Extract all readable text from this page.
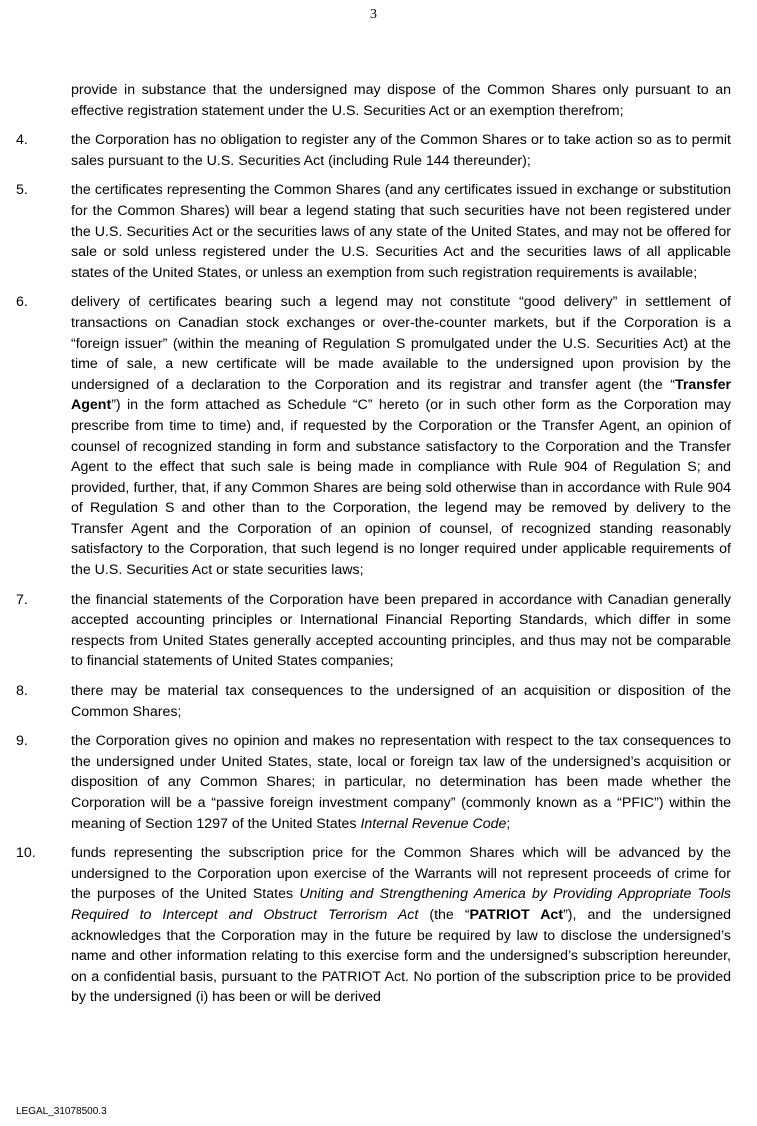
3
provide in substance that the undersigned may dispose of the Common Shares only pursuant to an effective registration statement under the U.S. Securities Act or an exemption therefrom;
4.	the Corporation has no obligation to register any of the Common Shares or to take action so as to permit sales pursuant to the U.S. Securities Act (including Rule 144 thereunder);
5.	the certificates representing the Common Shares (and any certificates issued in exchange or substitution for the Common Shares) will bear a legend stating that such securities have not been registered under the U.S. Securities Act or the securities laws of any state of the United States, and may not be offered for sale or sold unless registered under the U.S. Securities Act and the securities laws of all applicable states of the United States, or unless an exemption from such registration requirements is available;
6.	delivery of certificates bearing such a legend may not constitute “good delivery” in settlement of transactions on Canadian stock exchanges or over-the-counter markets, but if the Corporation is a “foreign issuer” (within the meaning of Regulation S promulgated under the U.S. Securities Act) at the time of sale, a new certificate will be made available to the undersigned upon provision by the undersigned of a declaration to the Corporation and its registrar and transfer agent (the “Transfer Agent”) in the form attached as Schedule “C” hereto (or in such other form as the Corporation may prescribe from time to time) and, if requested by the Corporation or the Transfer Agent, an opinion of counsel of recognized standing in form and substance satisfactory to the Corporation and the Transfer Agent to the effect that such sale is being made in compliance with Rule 904 of Regulation S; and provided, further, that, if any Common Shares are being sold otherwise than in accordance with Rule 904 of Regulation S and other than to the Corporation, the legend may be removed by delivery to the Transfer Agent and the Corporation of an opinion of counsel, of recognized standing reasonably satisfactory to the Corporation, that such legend is no longer required under applicable requirements of the U.S. Securities Act or state securities laws;
7.	the financial statements of the Corporation have been prepared in accordance with Canadian generally accepted accounting principles or International Financial Reporting Standards, which differ in some respects from United States generally accepted accounting principles, and thus may not be comparable to financial statements of United States companies;
8.	there may be material tax consequences to the undersigned of an acquisition or disposition of the Common Shares;
9.	the Corporation gives no opinion and makes no representation with respect to the tax consequences to the undersigned under United States, state, local or foreign tax law of the undersigned’s acquisition or disposition of any Common Shares; in particular, no determination has been made whether the Corporation will be a “passive foreign investment company” (commonly known as a “PFIC”) within the meaning of Section 1297 of the United States Internal Revenue Code;
10. funds representing the subscription price for the Common Shares which will be advanced by the undersigned to the Corporation upon exercise of the Warrants will not represent proceeds of crime for the purposes of the United States Uniting and Strengthening America by Providing Appropriate Tools Required to Intercept and Obstruct Terrorism Act (the “PATRIOT Act”), and the undersigned acknowledges that the Corporation may in the future be required by law to disclose the undersigned’s name and other information relating to this exercise form and the undersigned’s subscription hereunder, on a confidential basis, pursuant to the PATRIOT Act. No portion of the subscription price to be provided by the undersigned (i) has been or will be derived
LEGAL_31078500.3
